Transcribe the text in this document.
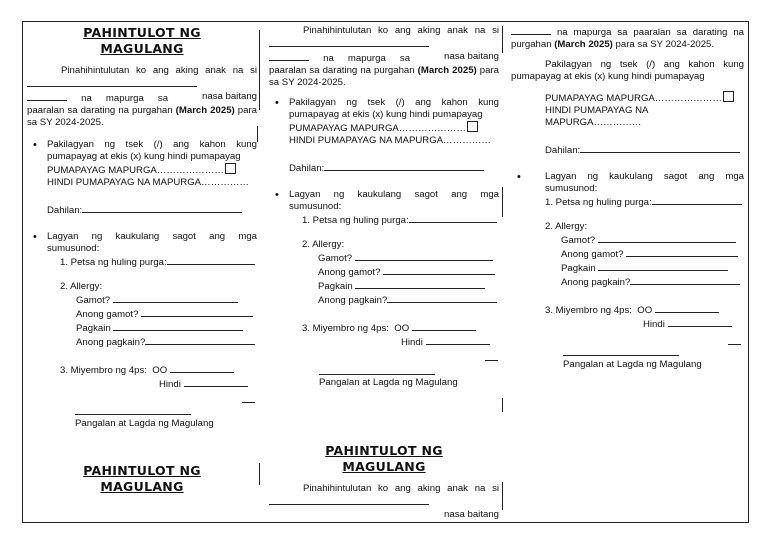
PAHINTULOT NG
MAGULANG
Pinahihintulutan ko ang aking anak na si
nasa baitang
na mapurga sa paaralan sa darating na purgahan (March 2025) para sa SY 2024-2025.
• Pakilagyan ng tsek (/) ang kahon kung pumapayag at ekis (x) kung hindi pumapayag
PUMAPAYAG MAPURGA…………………
HINDI PUMAPAYAG NA MAPURGA……………
Dahilan:
• Lagyan ng kaukulang sagot ang mga sumusunod:
1. Petsa ng huling purga:
2. Allergy:
Gamot?
Anong gamot?
Pagkain
Anong pagkain?
3. Miyembro ng 4ps: OO
Hindi
Pangalan at Lagda ng Magulang
PAHINTULOT NG
MAGULANG
Pinahihintulutan ko ang aking anak na si
nasa baitang
na mapurga sa paaralan sa darating na purgahan (March 2025) para sa SY 2024-2025.
• Pakilagyan ng tsek (/) ang kahon kung pumapayag at ekis (x) kung hindi pumapayag
PUMAPAYAG MAPURGA…………………
HINDI PUMAPAYAG NA MAPURGA……………
Dahilan:
• Lagyan ng kaukulang sagot ang mga sumusunod:
1. Petsa ng huling purga:
2. Allergy:
Gamot?
Anong gamot?
Pagkain
Anong pagkain?
3. Miyembro ng 4ps: OO
Hindi
Pangalan at Lagda ng Magulang
PAHINTULOT NG
MAGULANG
Pinahihintulutan ko ang aking anak na si
nasa baitang
na mapurga sa paaralan sa darating na purgahan (March 2025) para sa SY 2024-2025.
Pakilagyan ng tsek (/) ang kahon kung pumapayag at ekis (x) kung hindi pumapayag
PUMAPAYAG MAPURGA…………………
HINDI PUMAPAYAG NA MAPURGA……………
Dahilan:
• Lagyan ng kaukulang sagot ang mga sumusunod:
1. Petsa ng huling purga:
2. Allergy:
Gamot?
Anong gamot?
Pagkain
Anong pagkain?
3. Miyembro ng 4ps: OO
Hindi
Pangalan at Lagda ng Magulang
